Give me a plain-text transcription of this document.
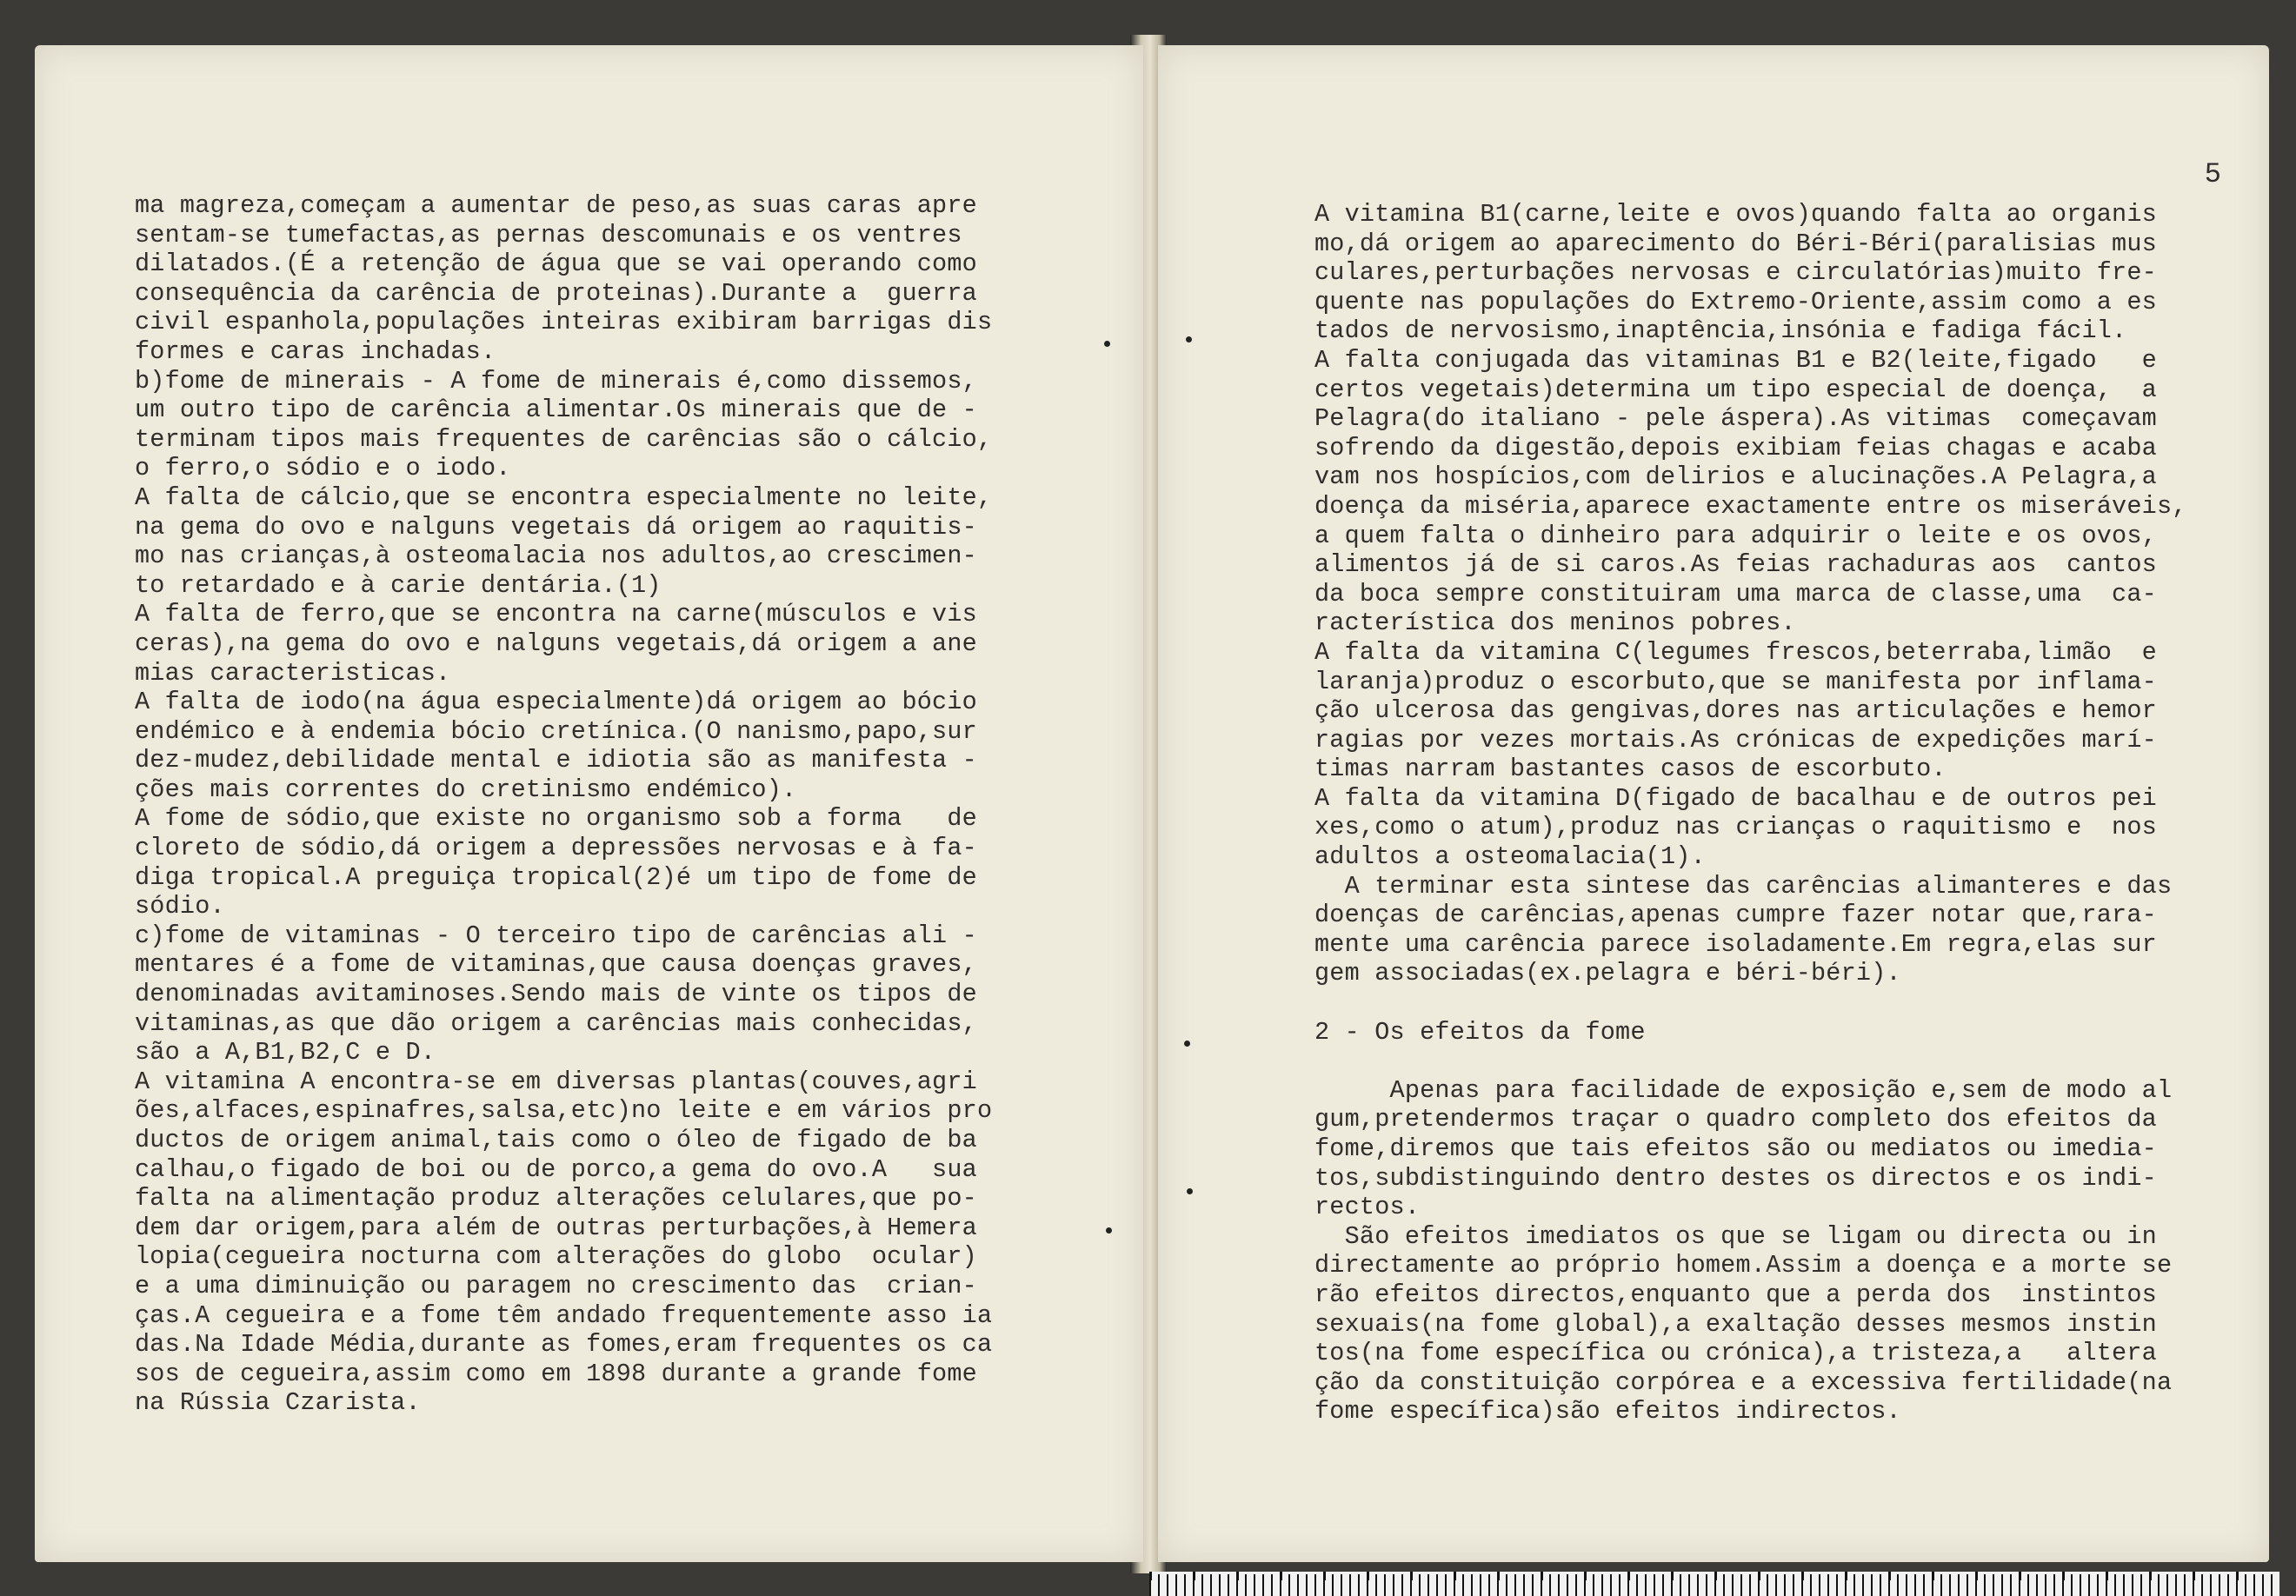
ma magreza,começam a aumentar de peso,as suas caras apre
sentam-se tumefactas,as pernas descomunais e os ventres
dilatados.(É a retenção de água que se vai operando como
consequência da carência de proteinas).Durante a  guerra
civil espanhola,populações inteiras exibiram barrigas dis
formes e caras inchadas.
b)fome de minerais - A fome de minerais é,como dissemos,
um outro tipo de carência alimentar.Os minerais que de -
terminam tipos mais frequentes de carências são o cálcio,
o ferro,o sódio e o iodo.
A falta de cálcio,que se encontra especialmente no leite,
na gema do ovo e nalguns vegetais dá origem ao raquitis-
mo nas crianças,à osteomalacia nos adultos,ao crescimen-
to retardado e à carie dentária.(1)
A falta de ferro,que se encontra na carne(músculos e vis
ceras),na gema do ovo e nalguns vegetais,dá origem a ane
mias caracteristicas.
A falta de iodo(na água especialmente)dá origem ao bócio
endémico e à endemia bócio cretínica.(O nanismo,papo,sur
dez-mudez,debilidade mental e idiotia são as manifesta -
ções mais correntes do cretinismo endémico).
A fome de sódio,que existe no organismo sob a forma   de
cloreto de sódio,dá origem a depressões nervosas e à fa-
diga tropical.A preguiça tropical(2)é um tipo de fome de
sódio.
c)fome de vitaminas - O terceiro tipo de carências ali -
mentares é a fome de vitaminas,que causa doenças graves,
denominadas avitaminoses.Sendo mais de vinte os tipos de
vitaminas,as que dão origem a carências mais conhecidas,
são a A,B1,B2,C e D.
A vitamina A encontra-se em diversas plantas(couves,agri
ões,alfaces,espinafres,salsa,etc)no leite e em vários pro
ductos de origem animal,tais como o óleo de figado de ba
calhau,o figado de boi ou de porco,a gema do ovo.A   sua
falta na alimentação produz alterações celulares,que po-
dem dar origem,para além de outras perturbações,à Hemera
lopia(cegueira nocturna com alterações do globo  ocular)
e a uma diminuição ou paragem no crescimento das  crian-
ças.A cegueira e a fome têm andado frequentemente asso ia
das.Na Idade Média,durante as fomes,eram frequentes os ca
sos de cegueira,assim como em 1898 durante a grande fome
na Rússia Czarista.
5
A vitamina B1(carne,leite e ovos)quando falta ao organis
mo,dá origem ao aparecimento do Béri-Béri(paralisias mus
culares,perturbações nervosas e circulatórias)muito fre-
quente nas populações do Extremo-Oriente,assim como a es
tados de nervosismo,inaptência,insónia e fadiga fácil.
A falta conjugada das vitaminas B1 e B2(leite,figado   e
certos vegetais)determina um tipo especial de doença,  a
Pelagra(do italiano - pele áspera).As vitimas  começavam
sofrendo da digestão,depois exibiam feias chagas e acaba
vam nos hospícios,com delirios e alucinações.A Pelagra,a
doença da miséria,aparece exactamente entre os miseráveis,
a quem falta o dinheiro para adquirir o leite e os ovos,
alimentos já de si caros.As feias rachaduras aos  cantos
da boca sempre constituiram uma marca de classe,uma  ca-
racterística dos meninos pobres.
A falta da vitamina C(legumes frescos,beterraba,limão  e
laranja)produz o escorbuto,que se manifesta por inflama-
ção ulcerosa das gengivas,dores nas articulações e hemor
ragias por vezes mortais.As crónicas de expedições marí-
timas narram bastantes casos de escorbuto.
A falta da vitamina D(figado de bacalhau e de outros pei
xes,como o atum),produz nas crianças o raquitismo e  nos
adultos a osteomalacia(1).
A terminar esta sintese das carências alimanteres e das
doenças de carências,apenas cumpre fazer notar que,rara-
mente uma carência parece isoladamente.Em regra,elas sur
gem associadas(ex.pelagra e béri-béri).
2 - Os efeitos da fome
Apenas para facilidade de exposição e,sem de modo al
gum,pretendermos traçar o quadro completo dos efeitos da
fome,diremos que tais efeitos são ou mediatos ou imedia-
tos,subdistinguindo dentro destes os directos e os indi-
rectos.
São efeitos imediatos os que se ligam ou directa ou in
directamente ao próprio homem.Assim a doença e a morte se
rão efeitos directos,enquanto que a perda dos  instintos
sexuais(na fome global),a exaltação desses mesmos instin
tos(na fome específica ou crónica),a tristeza,a   altera
ção da constituição corpórea e a excessiva fertilidade(na
fome específica)são efeitos indirectos.
